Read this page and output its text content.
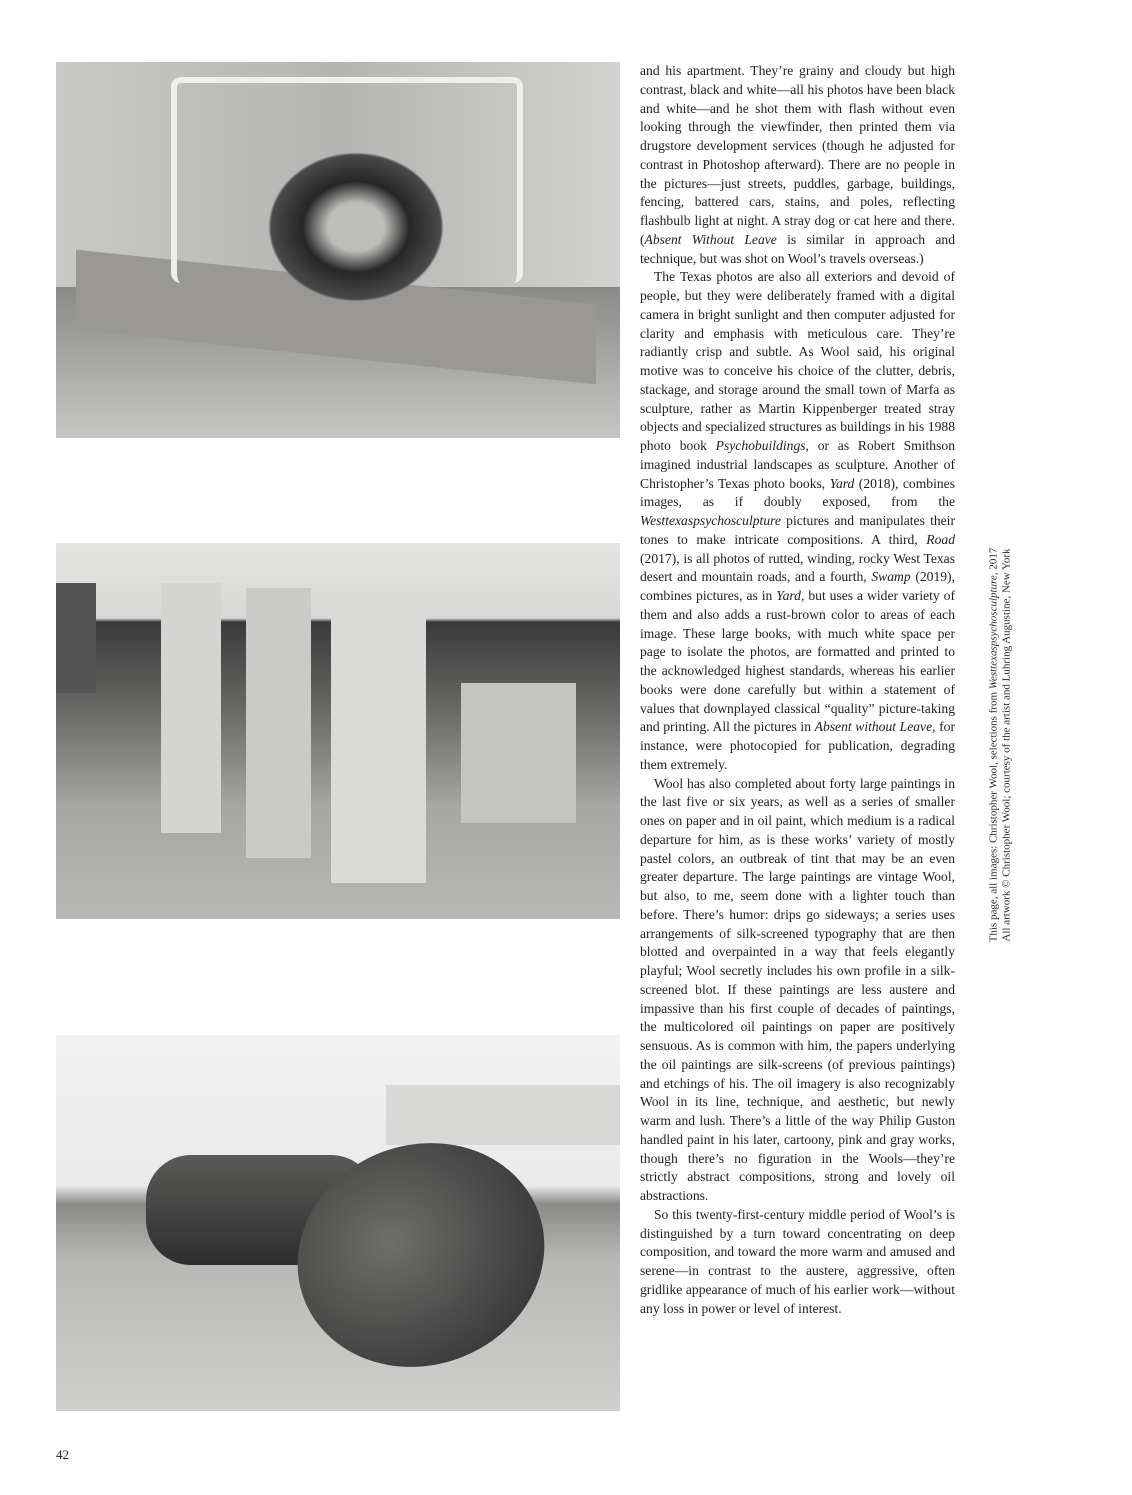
and his apartment. They’re grainy and cloudy but high contrast, black and white—all his photos have been black and white—and he shot them with flash without even looking through the viewfinder, then printed them via drugstore development services (though he adjusted for contrast in Photoshop afterward). There are no people in the pictures—just streets, puddles, garbage, buildings, fencing, battered cars, stains, and poles, reflecting flashbulb light at night. A stray dog or cat here and there. (Absent Without Leave is similar in approach and technique, but was shot on Wool’s travels overseas.)

The Texas photos are also all exteriors and devoid of people, but they were deliberately framed with a digital camera in bright sunlight and then computer adjusted for clarity and emphasis with meticulous care. They’re radiantly crisp and subtle. As Wool said, his original motive was to conceive his choice of the clutter, debris, stackage, and storage around the small town of Marfa as sculpture, rather as Martin Kippenberger treated stray objects and specialized structures as buildings in his 1988 photo book Psychobuildings, or as Robert Smithson imagined industrial landscapes as sculpture. Another of Christopher’s Texas photo books, Yard (2018), combines images, as if doubly exposed, from the Westtexaspsychosculpture pictures and manipulates their tones to make intricate compositions. A third, Road (2017), is all photos of rutted, winding, rocky West Texas desert and mountain roads, and a fourth, Swamp (2019), combines pictures, as in Yard, but uses a wider variety of them and also adds a rust-brown color to areas of each image. These large books, with much white space per page to isolate the photos, are formatted and printed to the acknowledged highest standards, whereas his earlier books were done carefully but within a statement of values that downplayed classical “quality” picture-taking and printing. All the pictures in Absent without Leave, for instance, were photocopied for publication, degrading them extremely.

Wool has also completed about forty large paintings in the last five or six years, as well as a series of smaller ones on paper and in oil paint, which medium is a radical departure for him, as is these works’ variety of mostly pastel colors, an outbreak of tint that may be an even greater departure. The large paintings are vintage Wool, but also, to me, seem done with a lighter touch than before. There’s humor: drips go sideways; a series uses arrangements of silk-screened typography that are then blotted and overpainted in a way that feels elegantly playful; Wool secretly includes his own profile in a silk-screened blot. If these paintings are less austere and impassive than his first couple of decades of paintings, the multicolored oil paintings on paper are positively sensuous. As is common with him, the papers underlying the oil paintings are silk-screens (of previous paintings) and etchings of his. The oil imagery is also recognizably Wool in its line, technique, and aesthetic, but newly warm and lush. There’s a little of the way Philip Guston handled paint in his later, cartoony, pink and gray works, though there’s no figuration in the Wools—they’re strictly abstract compositions, strong and lovely oil abstractions.

So this twenty-first-century middle period of Wool’s is distinguished by a turn toward concentrating on deep composition, and toward the more warm and amused and serene—in contrast to the austere, aggressive, often gridlike appearance of much of his earlier work—without any loss in power or level of interest.

This page, all images: Christopher Wool, selections from Westtexaspsychosculpture, 2017 All artwork © Christopher Wool; courtesy of the artist and Luhring Augustine, New York
42
